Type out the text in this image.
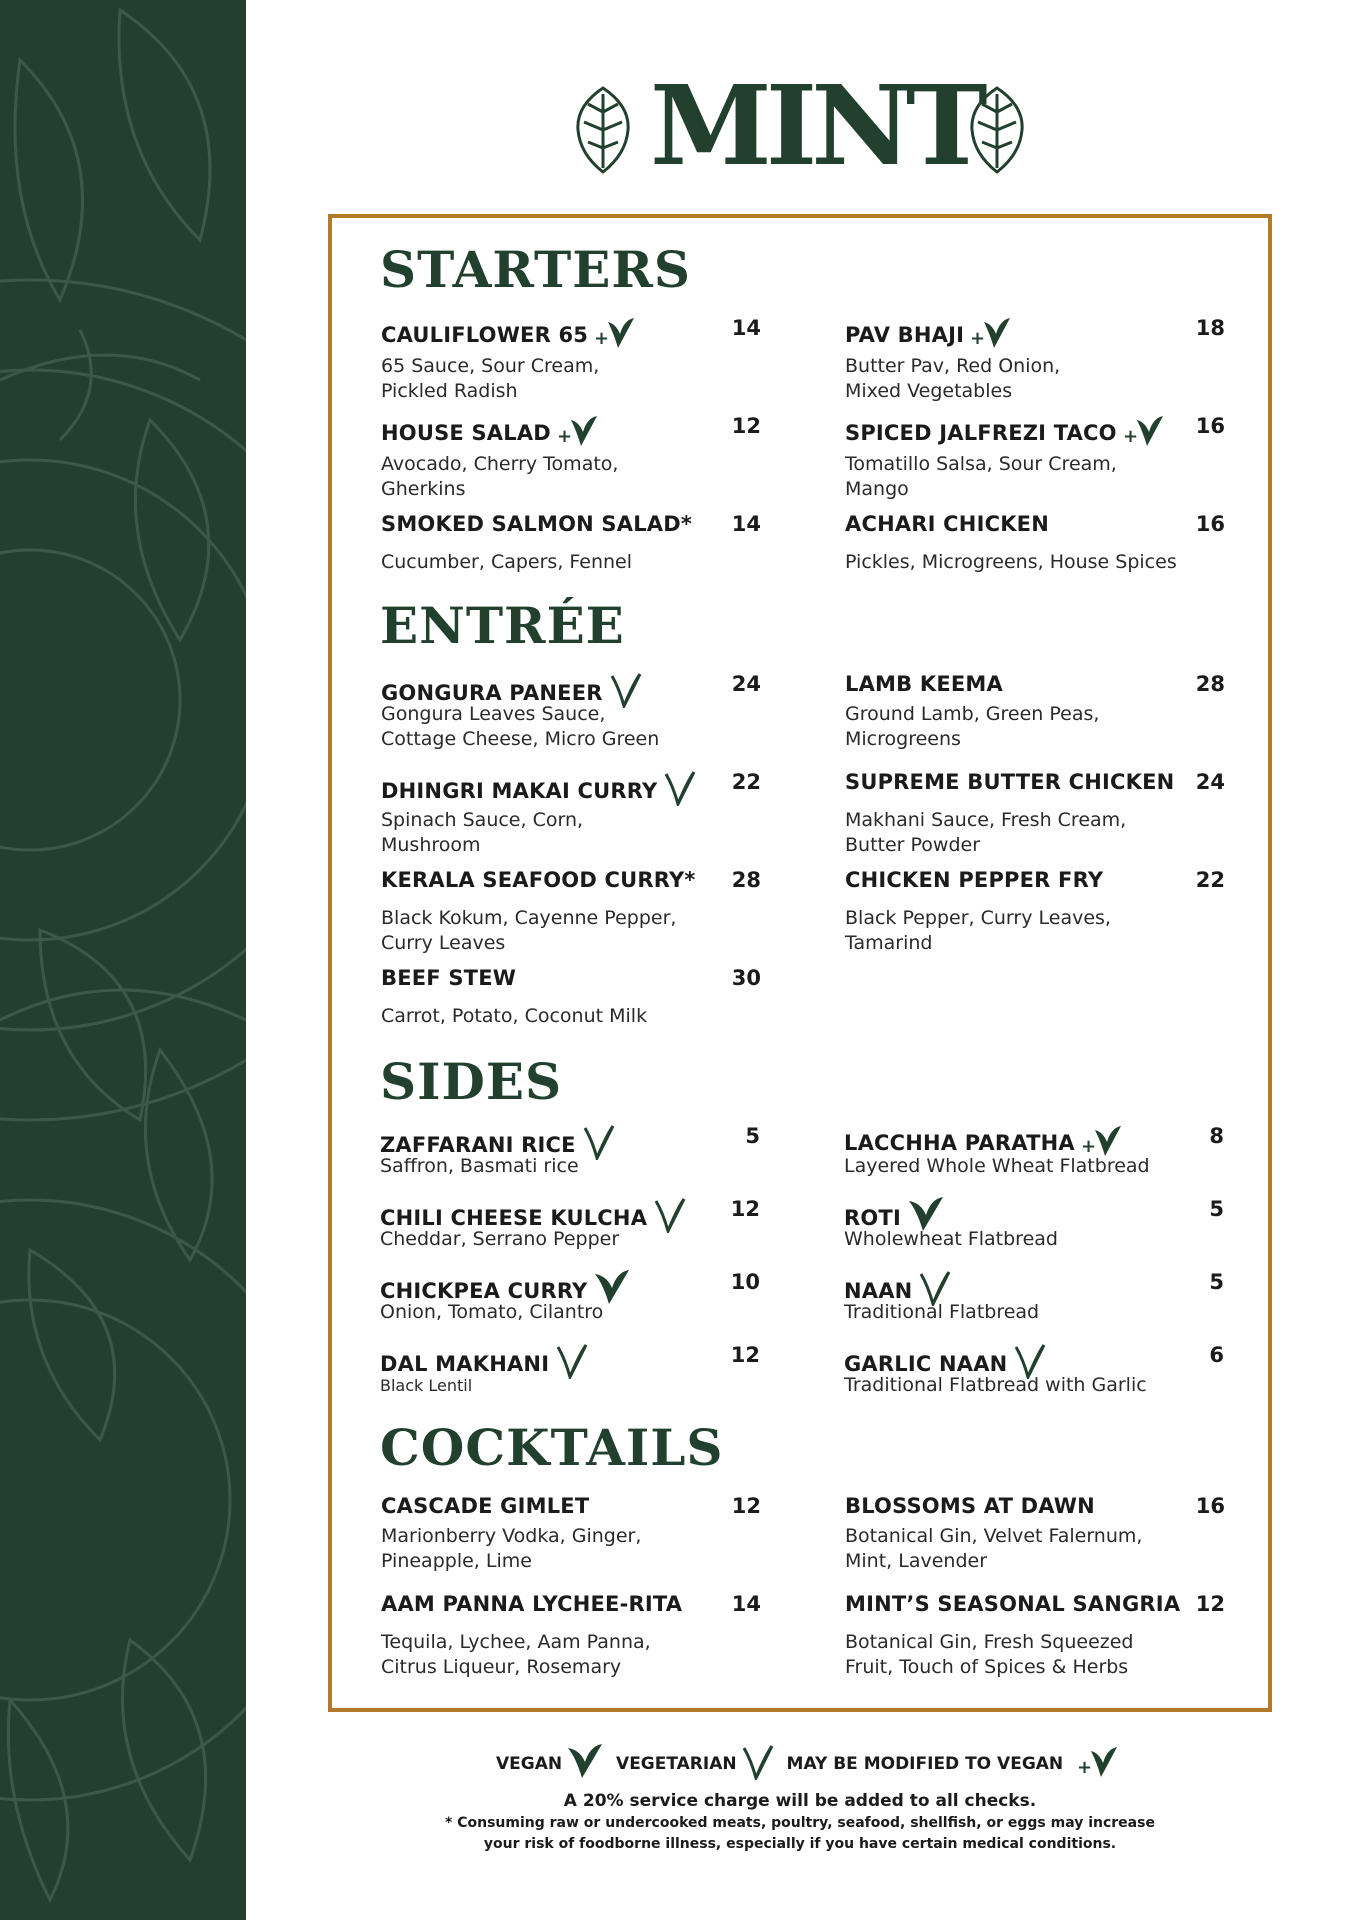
MINT
STARTERS
CAULIFLOWER 65 +	14
65 Sauce, Sour Cream,
Pickled Radish
PAV BHAJI +	18
Butter Pav, Red Onion,
Mixed Vegetables
HOUSE SALAD +	12
Avocado, Cherry Tomato,
Gherkins
SPICED JALFREZI TACO +	16
Tomatillo Salsa, Sour Cream,
Mango
SMOKED SALMON SALAD* 14
Cucumber, Capers, Fennel
ACHARI CHICKEN	16
Pickles, Microgreens, House Spices
ENTRÉE
GONGURA PANEER	24
Gongura Leaves Sauce,
Cottage Cheese, Micro Green
LAMB KEEMA	28
Ground Lamb, Green Peas,
Microgreens
DHINGRI MAKAI CURRY	22
Spinach Sauce, Corn,
Mushroom
SUPREME BUTTER CHICKEN 24
Makhani Sauce, Fresh Cream,
Butter Powder
KERALA SEAFOOD CURRY* 28
Black Kokum, Cayenne Pepper,
Curry Leaves
CHICKEN PEPPER FRY	22
Black Pepper, Curry Leaves,
Tamarind
BEEF STEW	30
Carrot, Potato, Coconut Milk
SIDES
ZAFFARANI RICE	5
Saffron, Basmati rice
LACCHHA PARATHA +	8
Layered Whole Wheat Flatbread
CHILI CHEESE KULCHA	12
Cheddar, Serrano Pepper
ROTI	5
Wholewheat Flatbread
CHICKPEA CURRY	10
Onion, Tomato, Cilantro
NAAN	5
Traditional Flatbread
DAL MAKHANI	12
Black Lentil
GARLIC NAAN	6
Traditional Flatbread with Garlic
COCKTAILS
CASCADE GIMLET	12
Marionberry Vodka, Ginger,
Pineapple, Lime
BLOSSOMS AT DAWN	16
Botanical Gin, Velvet Falernum,
Mint, Lavender
AAM PANNA LYCHEE-RITA 14
Tequila, Lychee, Aam Panna,
Citrus Liqueur, Rosemary
MINT’S SEASONAL SANGRIA 12
Botanical Gin, Fresh Squeezed
Fruit, Touch of Spices & Herbs
VEGAN	VEGETARIAN	MAY BE MODIFIED TO VEGAN +
A 20% service charge will be added to all checks.
* Consuming raw or undercooked meats, poultry, seafood, shellfish, or eggs may increase
your risk of foodborne illness, especially if you have certain medical conditions.
